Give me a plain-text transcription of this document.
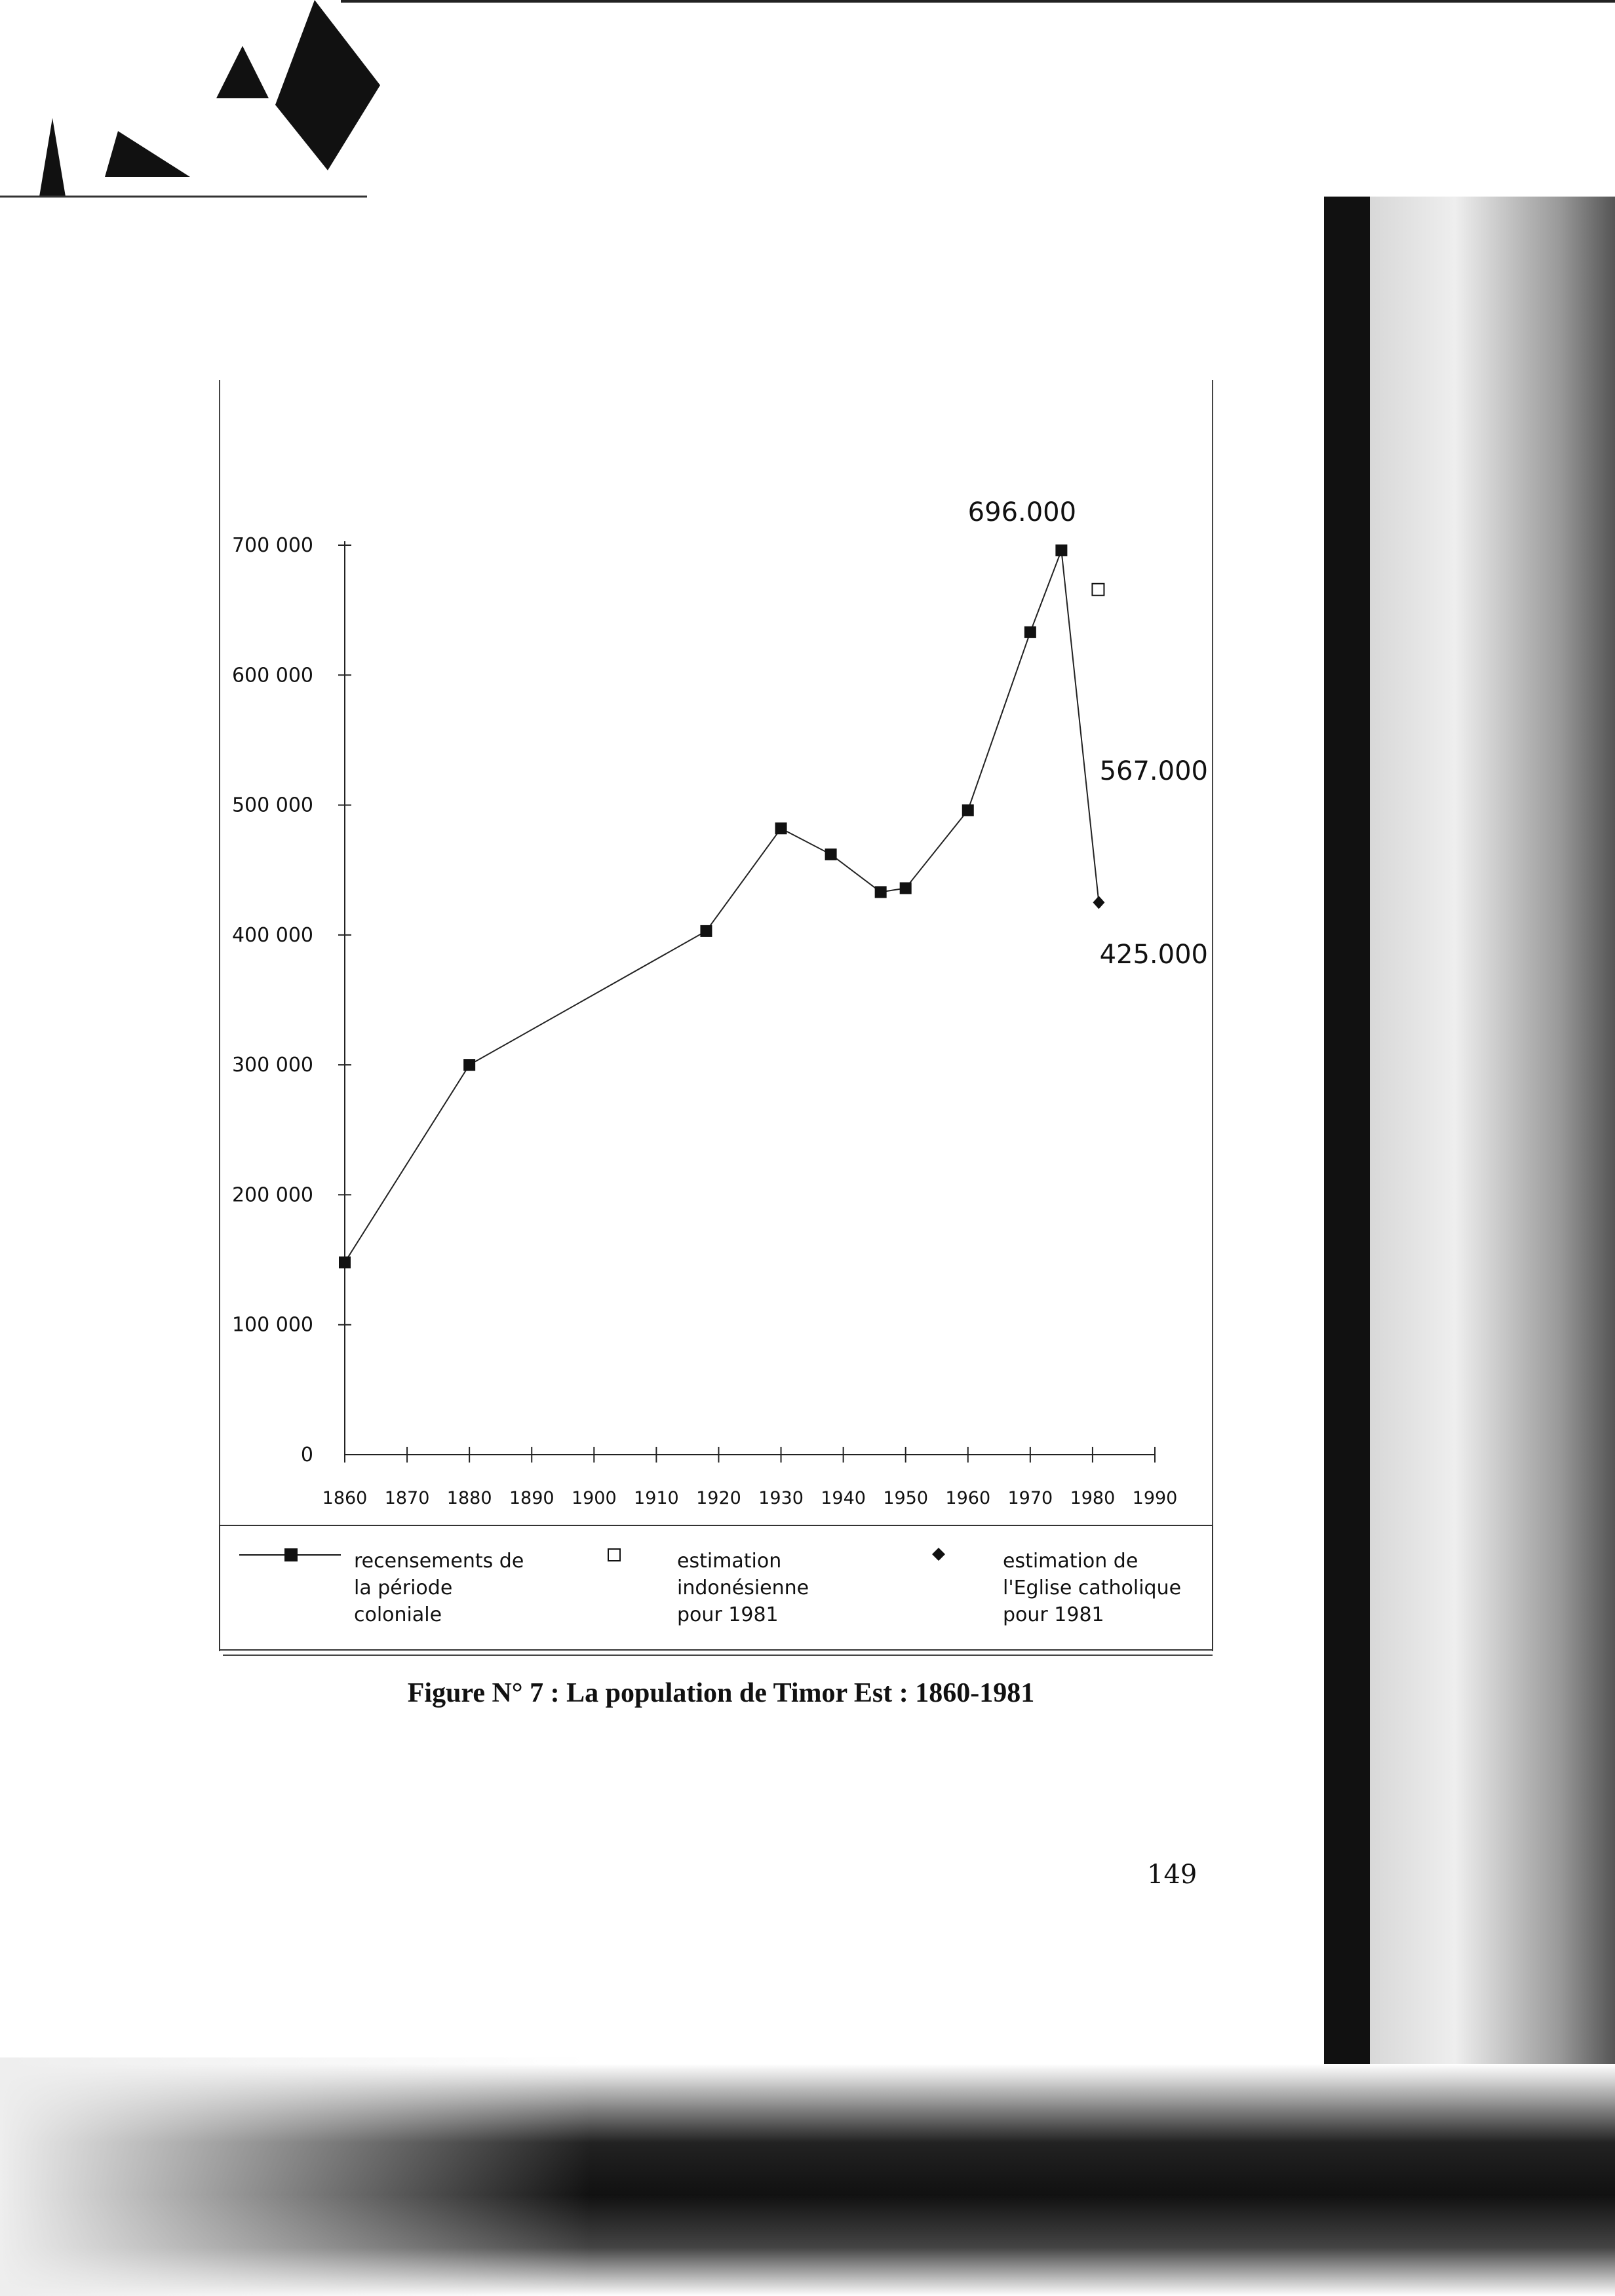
1860 1870 1880 1890 1900 1910 1920 1930 1940 1950 1960 1970 1980 1990
0
100 000
200 000
300 000
400 000
500 000
600 000
700 000
696.000
567.000
425.000
recensements de
la période
coloniale
estimation
indonésienne
pour 1981
estimation de
l'Eglise catholique
pour 1981
Figure N° 7 : La population de Timor Est : 1860-1981
149
